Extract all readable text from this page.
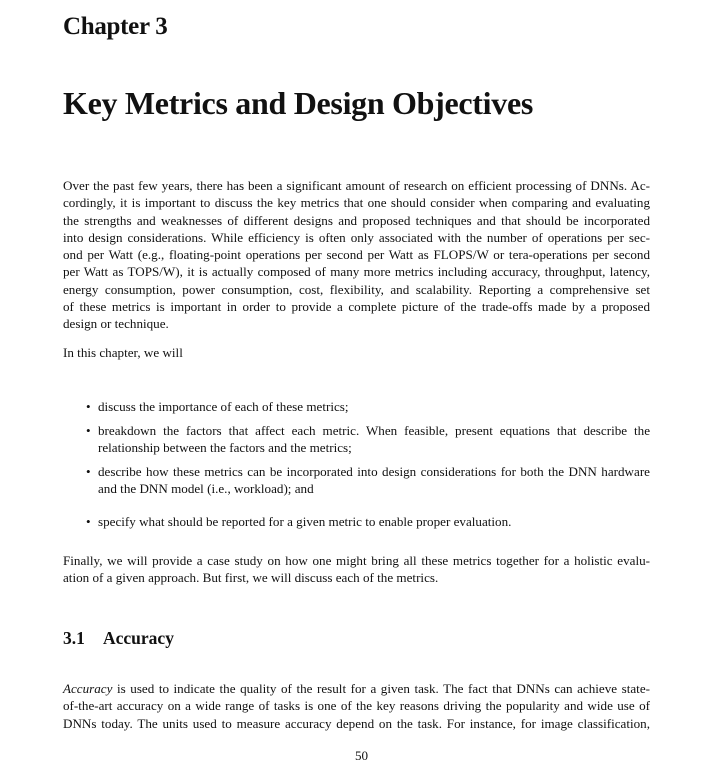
Chapter 3
Key Metrics and Design Objectives
Over the past few years, there has been a significant amount of research on efficient processing of DNNs. Ac-
cordingly, it is important to discuss the key metrics that one should consider when comparing and evaluating
the strengths and weaknesses of different designs and proposed techniques and that should be incorporated
into design considerations. While efficiency is often only associated with the number of operations per sec-
ond per Watt (e.g., floating-point operations per second per Watt as FLOPS/W or tera-operations per second
per Watt as TOPS/W), it is actually composed of many more metrics including accuracy, throughput, latency,
energy consumption, power consumption, cost, flexibility, and scalability. Reporting a comprehensive set
of these metrics is important in order to provide a complete picture of the trade-offs made by a proposed
design or technique.
In this chapter, we will
• discuss the importance of each of these metrics;
• breakdown the factors that affect each metric. When feasible, present equations that describe the
relationship between the factors and the metrics;
• describe how these metrics can be incorporated into design considerations for both the DNN hardware
and the DNN model (i.e., workload); and
• specify what should be reported for a given metric to enable proper evaluation.
Finally, we will provide a case study on how one might bring all these metrics together for a holistic evalu-
ation of a given approach. But first, we will discuss each of the metrics.
3.1 Accuracy
Accuracy is used to indicate the quality of the result for a given task. The fact that DNNs can achieve state-
of-the-art accuracy on a wide range of tasks is one of the key reasons driving the popularity and wide use of
DNNs today. The units used to measure accuracy depend on the task. For instance, for image classification,
50
